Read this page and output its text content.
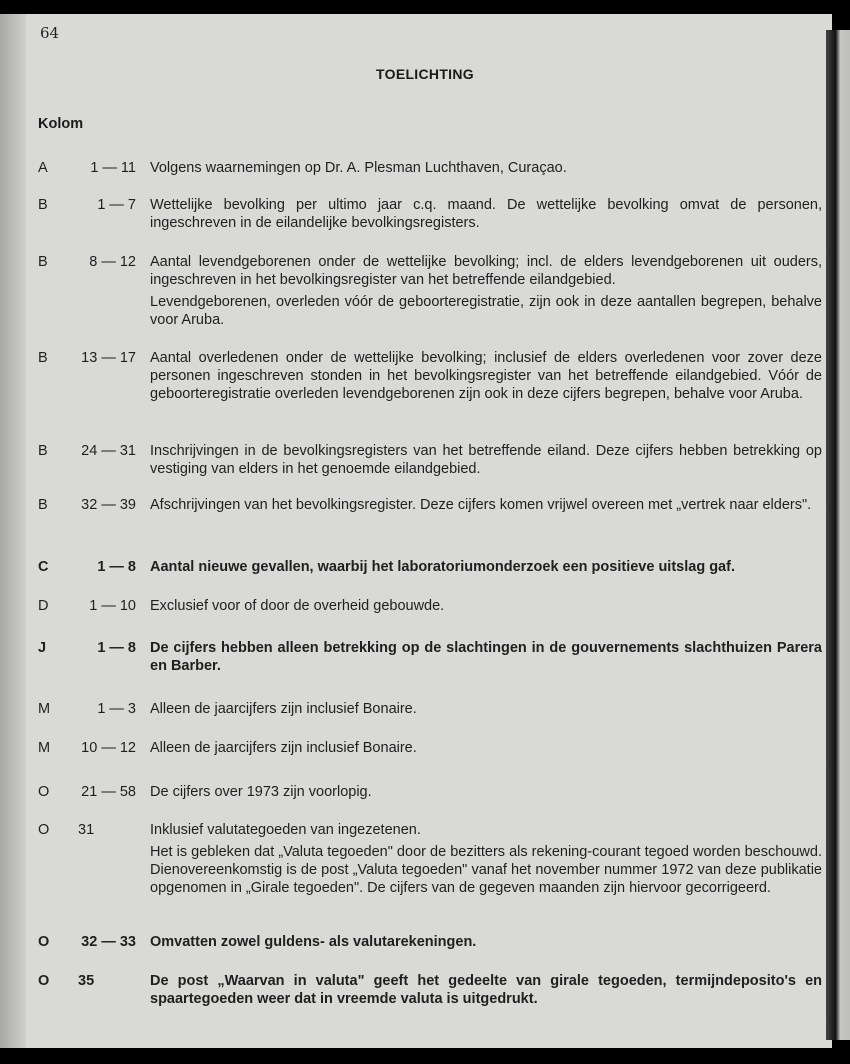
64
TOELICHTING
Kolom
A	1 — 11 Volgens waarnemingen op Dr. A. Plesman Luchthaven, Curaçao.

B	1 — 7 Wettelijke bevolking per ultimo jaar c.q. maand. De wettelijke bevolking omvat de personen, ingeschreven in de eilandelijke bevolkingsregisters.

B	8 — 12 Aantal levendgeborenen onder de wettelijke bevolking; incl. de elders levendgeborenen uit ouders, ingeschreven in het bevolkingsregister van het betreffende eilandgebied.

Levendgeborenen, overleden vóór de geboorteregistratie, zijn ook in deze aantallen begrepen, behalve voor Aruba.

B	13 — 17 Aantal overledenen onder de wettelijke bevolking; inclusief de elders overledenen voor zover deze personen ingeschreven stonden in het bevolkingsregister van het betreffende eilandgebied. Vóór de geboorteregistratie overleden levendgeborenen zijn ook in deze cijfers begrepen, behalve voor Aruba.

B	24 — 31 Inschrijvingen in de bevolkingsregisters van het betreffende eiland. Deze cijfers hebben betrekking op vestiging van elders in het genoemde eilandgebied.

B	32 — 39 Afschrijvingen van het bevolkingsregister. Deze cijfers komen vrijwel overeen met „vertrek naar elders".

C	1 — 8 Aantal nieuwe gevallen, waarbij het laboratoriumonderzoek een positieve uitslag gaf.

D	1 — 10 Exclusief voor of door de overheid gebouwde.

J	1 — 8 De cijfers hebben alleen betrekking op de slachtingen in de gouvernements slachthuizen Parera en Barber.

M	1 — 3 Alleen de jaarcijfers zijn inclusief Bonaire.

M	10 — 12 Alleen de jaarcijfers zijn inclusief Bonaire.

O	21 — 58 De cijfers over 1973 zijn voorlopig.

O 31	Inklusief valutategoeden van ingezetenen.

Het is gebleken dat „Valuta tegoeden" door de bezitters als rekening-courant tegoed worden beschouwd. Dienovereenkomstig is de post „Valuta tegoeden" vanaf het november nummer 1972 van deze publikatie opgenomen in „Girale tegoeden". De cijfers van de gegeven maanden zijn hiervoor gecorrigeerd.

O	32 — 33 Omvatten zowel guldens- als valutarekeningen.

O 35	De post „Waarvan in valuta" geeft het gedeelte van girale tegoeden, termijndeposito's en spaartegoeden weer dat in vreemde valuta is uitgedrukt.
